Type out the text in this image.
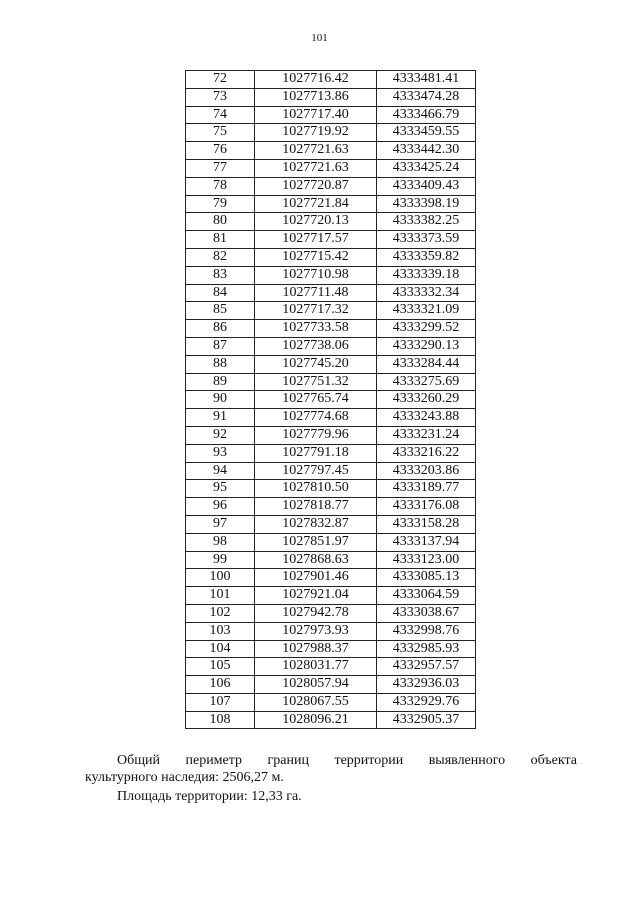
101
72	1027716.42	4333481.41
73	1027713.86	4333474.28
74	1027717.40	4333466.79
75	1027719.92	4333459.55
76	1027721.63	4333442.30
77	1027721.63	4333425.24
78	1027720.87	4333409.43
79	1027721.84	4333398.19
80	1027720.13	4333382.25
81	1027717.57	4333373.59
82	1027715.42	4333359.82
83	1027710.98	4333339.18
84	1027711.48	4333332.34
85	1027717.32	4333321.09
86	1027733.58	4333299.52
87	1027738.06	4333290.13
88	1027745.20	4333284.44
89	1027751.32	4333275.69
90	1027765.74	4333260.29
91	1027774.68	4333243.88
92	1027779.96	4333231.24
93	1027791.18	4333216.22
94	1027797.45	4333203.86
95	1027810.50	4333189.77
96	1027818.77	4333176.08
97	1027832.87	4333158.28
98	1027851.97	4333137.94
99	1027868.63	4333123.00
100	1027901.46	4333085.13
101	1027921.04	4333064.59
102	1027942.78	4333038.67
103	1027973.93	4332998.76
104	1027988.37	4332985.93
105	1028031.77	4332957.57
106	1028057.94	4332936.03
107	1028067.55	4332929.76
108	1028096.21	4332905.37
Общий периметр границ территории выявленного объекта
культурного наследия: 2506,27 м.
Площадь территории: 12,33 га.
